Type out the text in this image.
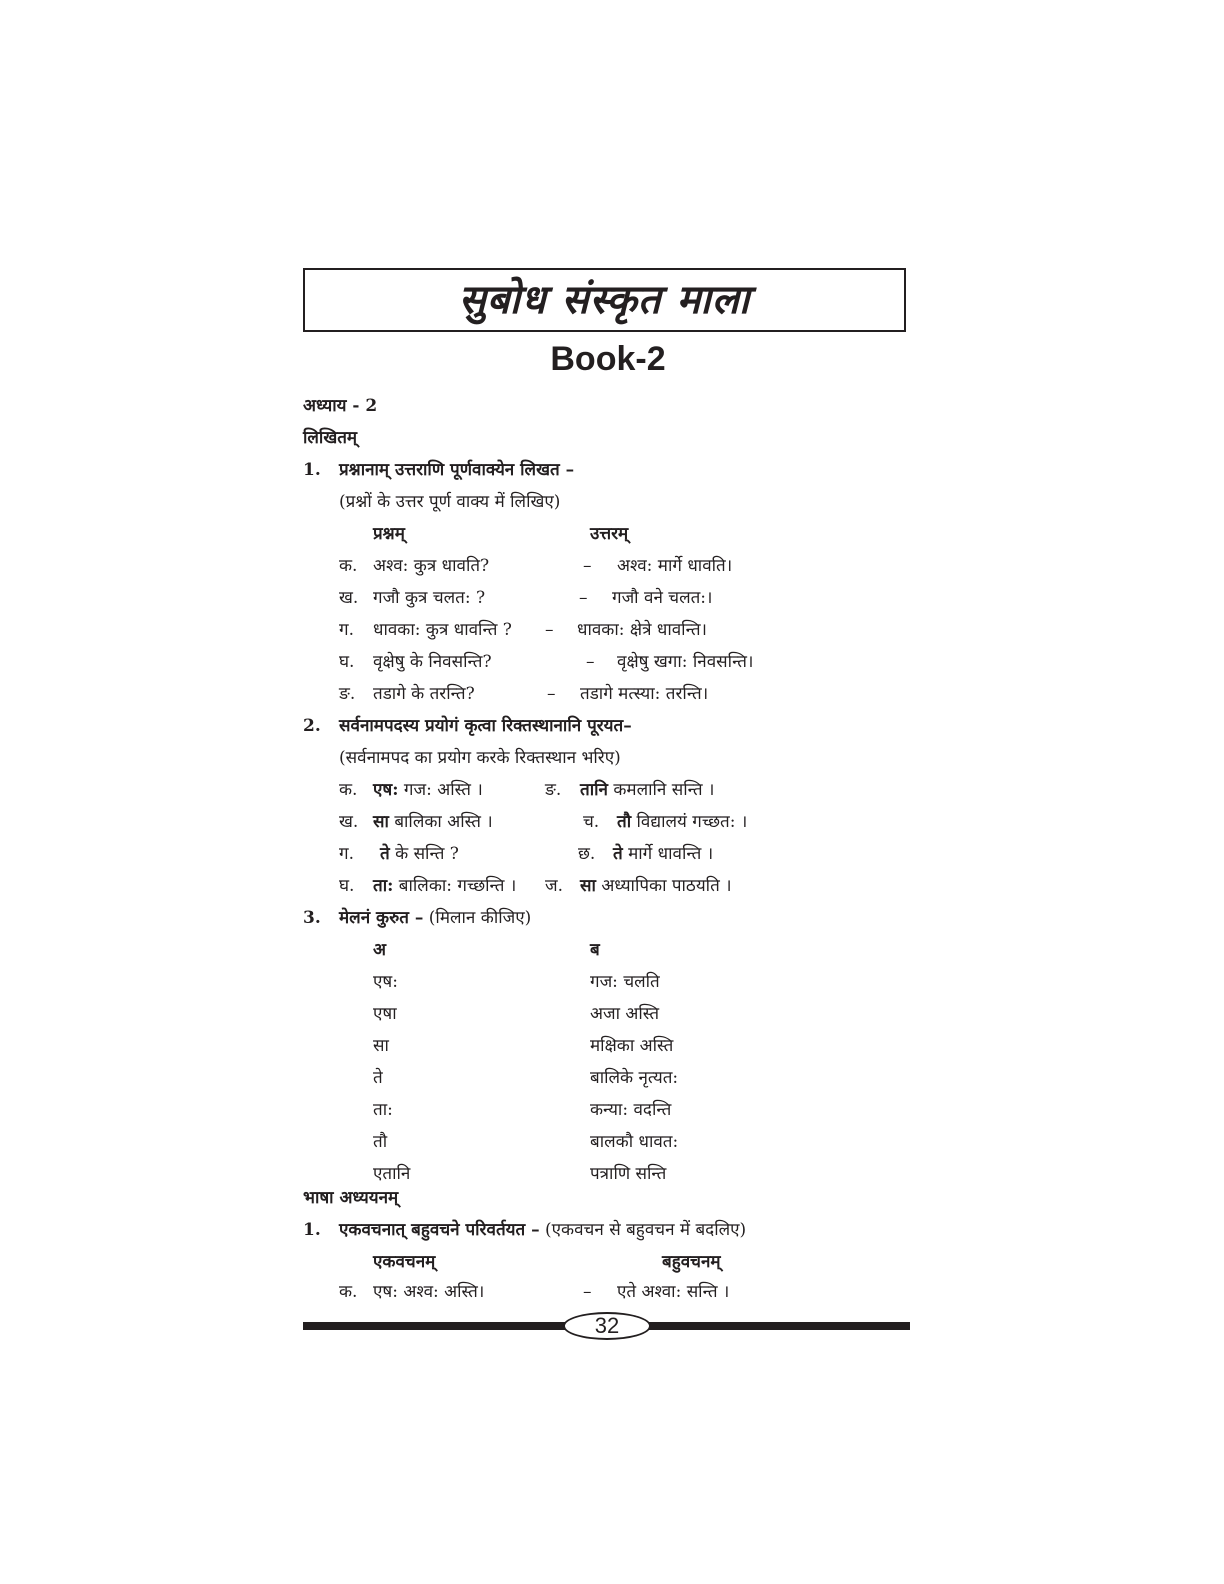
सुबोध संस्कृत माला
Book-2
अध्याय - 2
लिखितम्
1. प्रश्नानाम् उत्तराणि पूर्णवाक्येन लिखत –
(प्रश्नों के उत्तर पूर्ण वाक्य में लिखिए)
प्रश्नम्	उत्तरम्
क. अश्व: कुत्र धावति?	– अश्व: मार्गे धावति।
ख. गजौ कुत्र चलत: ?	– गजौ वने चलत:।
ग. धावका: कुत्र धावन्ति ? – धावका: क्षेत्रे धावन्ति।
घ. वृक्षेषु के निवसन्ति?	– वृक्षेषु खगा: निवसन्ति।
ङ. तडागे के तरन्ति?	– तडागे मत्स्या: तरन्ति।
2. सर्वनामपदस्य प्रयोगं कृत्वा रिक्तस्थानानि पूरयत–
(सर्वनामपद का प्रयोग करके रिक्तस्थान भरिए)
क. एष: गज: अस्ति ।	ङ. तानि कमलानि सन्ति ।
ख. सा बालिका अस्ति ।	च. तौ विद्यालयं गच्छत: ।
ग. ते के सन्ति ?	छ. ते मार्गे धावन्ति ।
घ. ता: बालिका: गच्छन्ति । ज. सा अध्यापिका पाठयति ।
3. मेलनं कुरुत – (मिलान कीजिए)
अ	ब
एष:	गज: चलति
एषा	अजा अस्ति
सा	मक्षिका अस्ति
ते	बालिके नृत्यत:
ता:	कन्या: वदन्ति
तौ	बालकौ धावत:
एतानि	पत्राणि सन्ति
भाषा अध्ययनम्
1. एकवचनात् बहुवचने परिवर्तयत – (एकवचन से बहुवचन में बदलिए)
एकवचनम्	बहुवचनम्
क. एष: अश्व: अस्ति।	– एते अश्वा: सन्ति ।
32
